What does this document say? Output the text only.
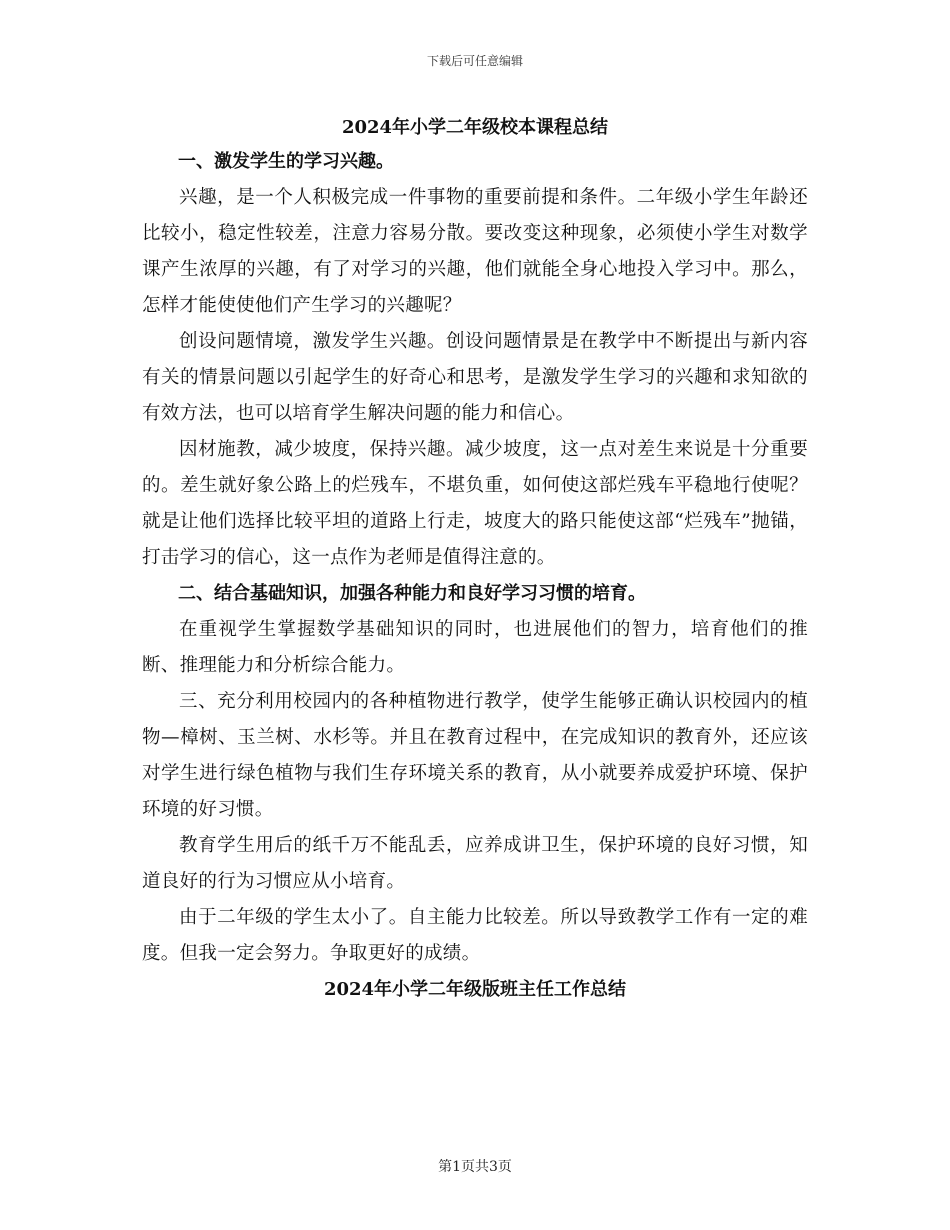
下载后可任意编辑
2024年小学二年级校本课程总结
一、激发学生的学习兴趣。

兴趣，是一个人积极完成一件事物的重要前提和条件。二年级小学生年龄还比较小，稳定性较差，注意力容易分散。要改变这种现象，必须使小学生对数学课产生浓厚的兴趣，有了对学习的兴趣，他们就能全身心地投入学习中。那么，怎样才能使使他们产生学习的兴趣呢？

创设问题情境，激发学生兴趣。创设问题情景是在教学中不断提出与新内容有关的情景问题以引起学生的好奇心和思考，是激发学生学习的兴趣和求知欲的有效方法，也可以培育学生解决问题的能力和信心。

因材施教，减少坡度，保持兴趣。减少坡度，这一点对差生来说是十分重要的。差生就好象公路上的烂残车，不堪负重，如何使这部烂残车平稳地行使呢？就是让他们选择比较平坦的道路上行走，坡度大的路只能使这部“烂残车”抛锚，打击学习的信心，这一点作为老师是值得注意的。

二、结合基础知识，加强各种能力和良好学习习惯的培育。

在重视学生掌握数学基础知识的同时，也进展他们的智力，培育他们的推断、推理能力和分析综合能力。

三、充分利用校园内的各种植物进行教学，使学生能够正确认识校园内的植物—樟树、玉兰树、水杉等。并且在教育过程中，在完成知识的教育外，还应该对学生进行绿色植物与我们生存环境关系的教育，从小就要养成爱护环境、保护环境的好习惯。

教育学生用后的纸千万不能乱丢，应养成讲卫生，保护环境的良好习惯，知道良好的行为习惯应从小培育。

由于二年级的学生太小了。自主能力比较差。所以导致教学工作有一定的难度。但我一定会努力。争取更好的成绩。

2024年小学二年级版班主任工作总结
第1页共3页
